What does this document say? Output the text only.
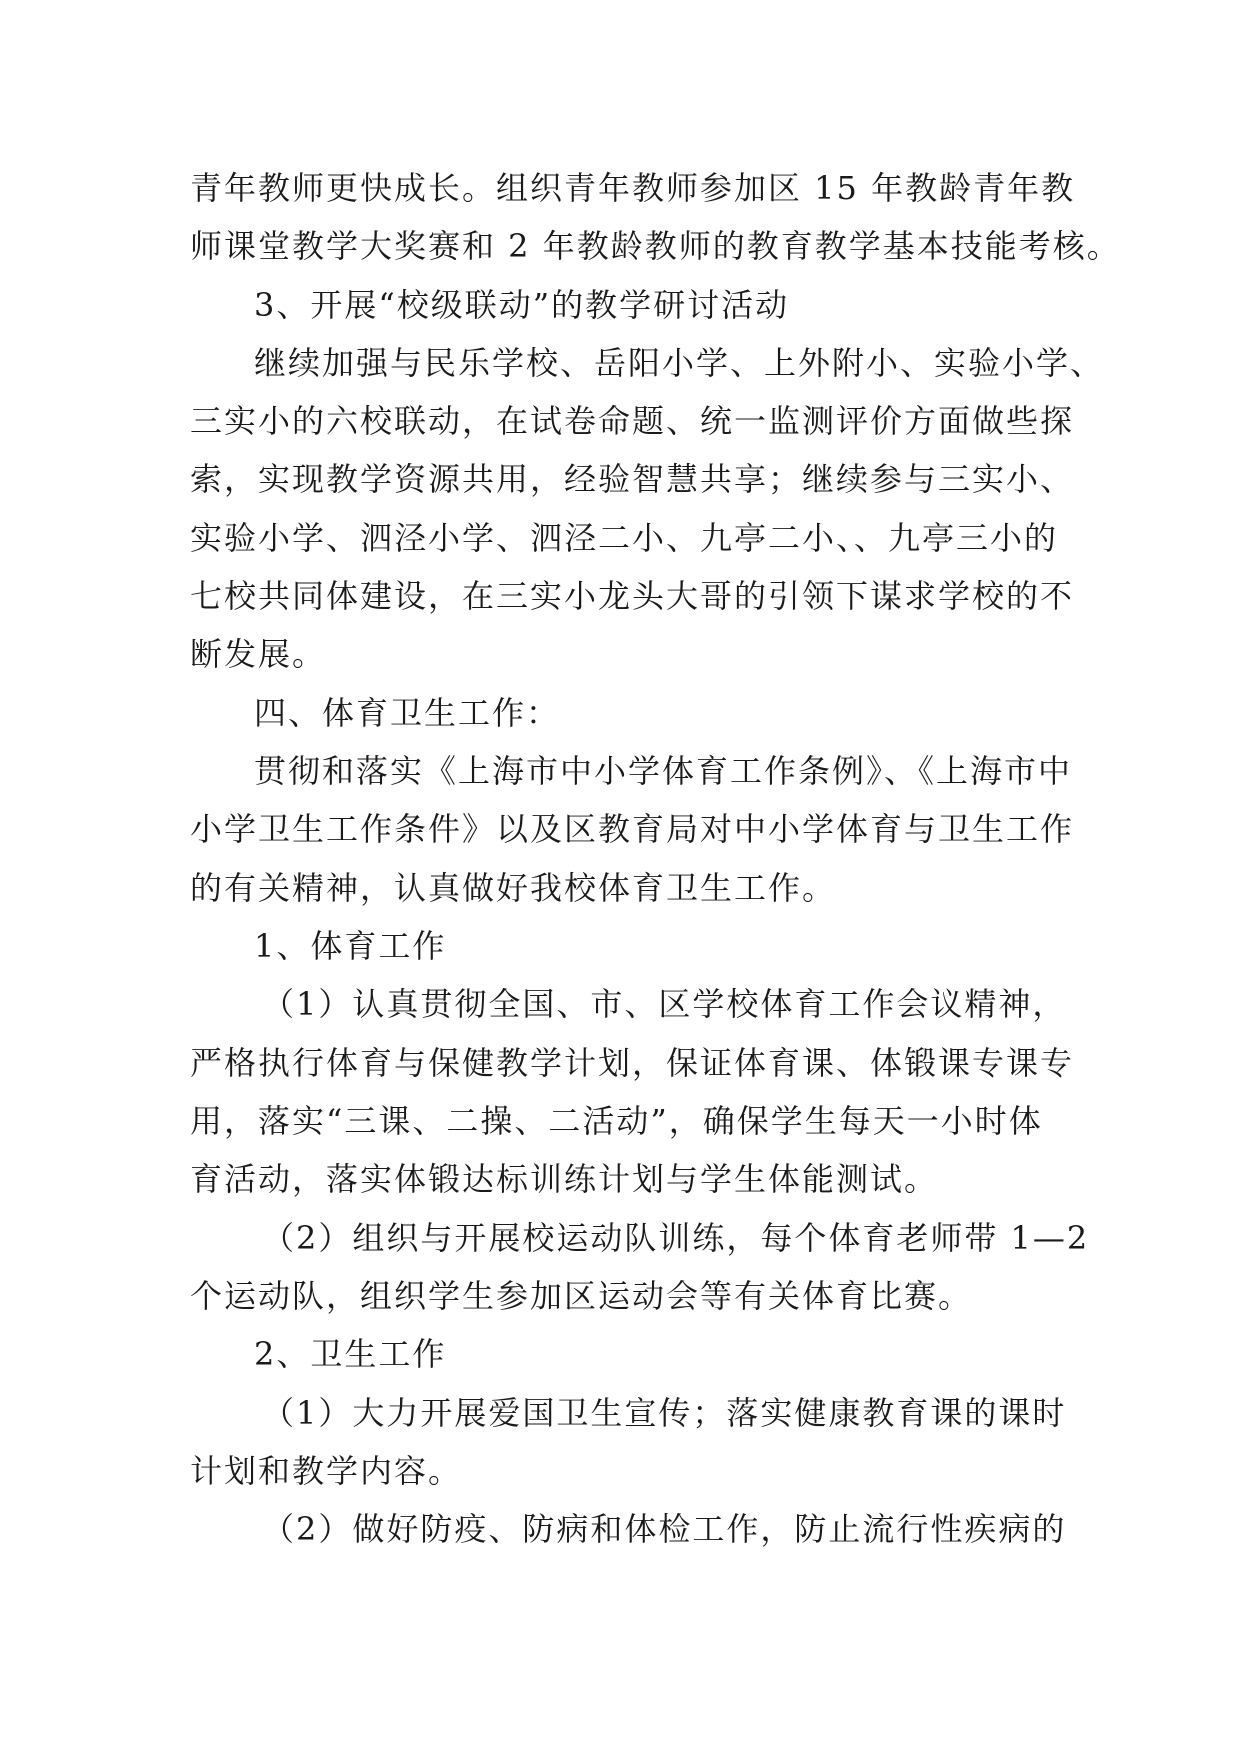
青年教师更快成长。组织青年教师参加区 15 年教龄青年教
师课堂教学大奖赛和 2 年教龄教师的教育教学基本技能考核。
3、开展“校级联动”的教学研讨活动
继续加强与民乐学校、岳阳小学、上外附小、实验小学、
三实小的六校联动，在试卷命题、统一监测评价方面做些探
索，实现教学资源共用，经验智慧共享；继续参与三实小、
实验小学、泗泾小学、泗泾二小、九亭二小、、九亭三小的
七校共同体建设，在三实小龙头大哥的引领下谋求学校的不
断发展。
四、体育卫生工作：
贯彻和落实《上海市中小学体育工作条例》、《上海市中
小学卫生工作条件》以及区教育局对中小学体育与卫生工作
的有关精神，认真做好我校体育卫生工作。
1、体育工作
（1）认真贯彻全国、市、区学校体育工作会议精神，
严格执行体育与保健教学计划，保证体育课、体锻课专课专
用，落实“三课、二操、二活动”，确保学生每天一小时体
育活动，落实体锻达标训练计划与学生体能测试。
（2）组织与开展校运动队训练，每个体育老师带 1—2
个运动队，组织学生参加区运动会等有关体育比赛。
2、卫生工作
（1）大力开展爱国卫生宣传；落实健康教育课的课时
计划和教学内容。
（2）做好防疫、防病和体检工作，防止流行性疾病的
